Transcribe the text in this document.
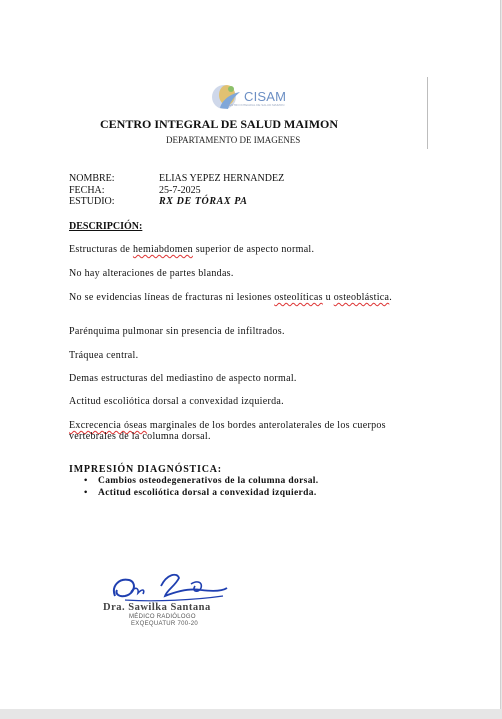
CISAM
CENTRO INTEGRAL DE SALUD MAIMON
CENTRO INTEGRAL DE SALUD MAIMON
DEPARTAMENTO DE IMAGENES
NOMBRE:	ELIAS YEPEZ HERNANDEZ
FECHA:	25-7-2025
ESTUDIO:	RX DE TÓRAX PA
DESCRIPCIÓN:
Estructuras de hemiabdomen superior de aspecto normal.
No hay alteraciones de partes blandas.
No se evidencias líneas de fracturas ni lesiones osteolíticas u osteoblástica.
Parénquima pulmonar sin presencia de infiltrados.
Tráquea central.
Demas estructuras del mediastino de aspecto normal.
Actitud escoliótica dorsal a convexidad izquierda.
Excrecencia óseas marginales de los bordes anterolaterales de los cuerpos vertebrales de la columna dorsal.
IMPRESIÓN DIAGNÓSTICA:
• Cambios osteodegenerativos de la columna dorsal.
• Actitud escoliótica dorsal a convexidad izquierda.
Dra. Sawilka Santana
MÉDICO RADIÓLOGO
EXQEQUATUR 700-20
